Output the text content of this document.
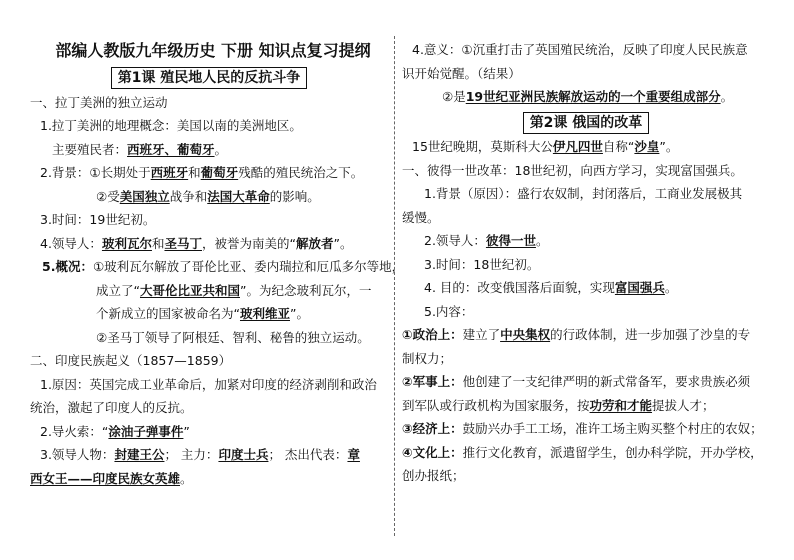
部编人教版九年级历史 下册 知识点复习提纲
第1课 殖民地人民的反抗斗争
一、拉丁美洲的独立运动
1.拉丁美洲的地理概念：美国以南的美洲地区。
主要殖民者：西班牙、葡萄牙。
2.背景：①长期处于西班牙和葡萄牙残酷的殖民统治之下。
②受美国独立战争和法国大革命的影响。
3.时间：19世纪初。
4.领导人：玻利瓦尔和圣马丁，被誉为南美的“解放者”。
5.概况：①玻利瓦尔解放了哥伦比亚、委内瑞拉和厄瓜多尔等地，
成立了“大哥伦比亚共和国”。为纪念玻利瓦尔，一
个新成立的国家被命名为“玻利维亚”。
②圣马丁领导了阿根廷、智利、秘鲁的独立运动。
二、印度民族起义（1857—1859）
1.原因：英国完成工业革命后，加紧对印度的经济剥削和政治
统治，激起了印度人的反抗。
2.导火索：“涂油子弹事件”
3.领导人物：封建王公； 主力：印度士兵； 杰出代表：章
西女王——印度民族女英雄。
4.意义：①沉重打击了英国殖民统治，反映了印度人民民族意
识开始觉醒。（结果）
②是19世纪亚洲民族解放运动的一个重要组成部分。
第2课 俄国的改革
15世纪晚期，莫斯科大公伊凡四世自称“沙皇”。
一、彼得一世改革：18世纪初，向西方学习，实现富国强兵。
1.背景（原因）：盛行农奴制，封闭落后，工商业发展极其
缓慢。
2.领导人：彼得一世。
3.时间：18世纪初。
4. 目的：改变俄国落后面貌，实现富国强兵。
5.内容：
①政治上：建立了中央集权的行政体制，进一步加强了沙皇的专
制权力；
②军事上：他创建了一支纪律严明的新式常备军，要求贵族必须
到军队或行政机构为国家服务，按功劳和才能提拔人才；
③经济上：鼓励兴办手工工场，准许工场主购买整个村庄的农奴；
④文化上：推行文化教育，派遣留学生，创办科学院，开办学校，
创办报纸；
